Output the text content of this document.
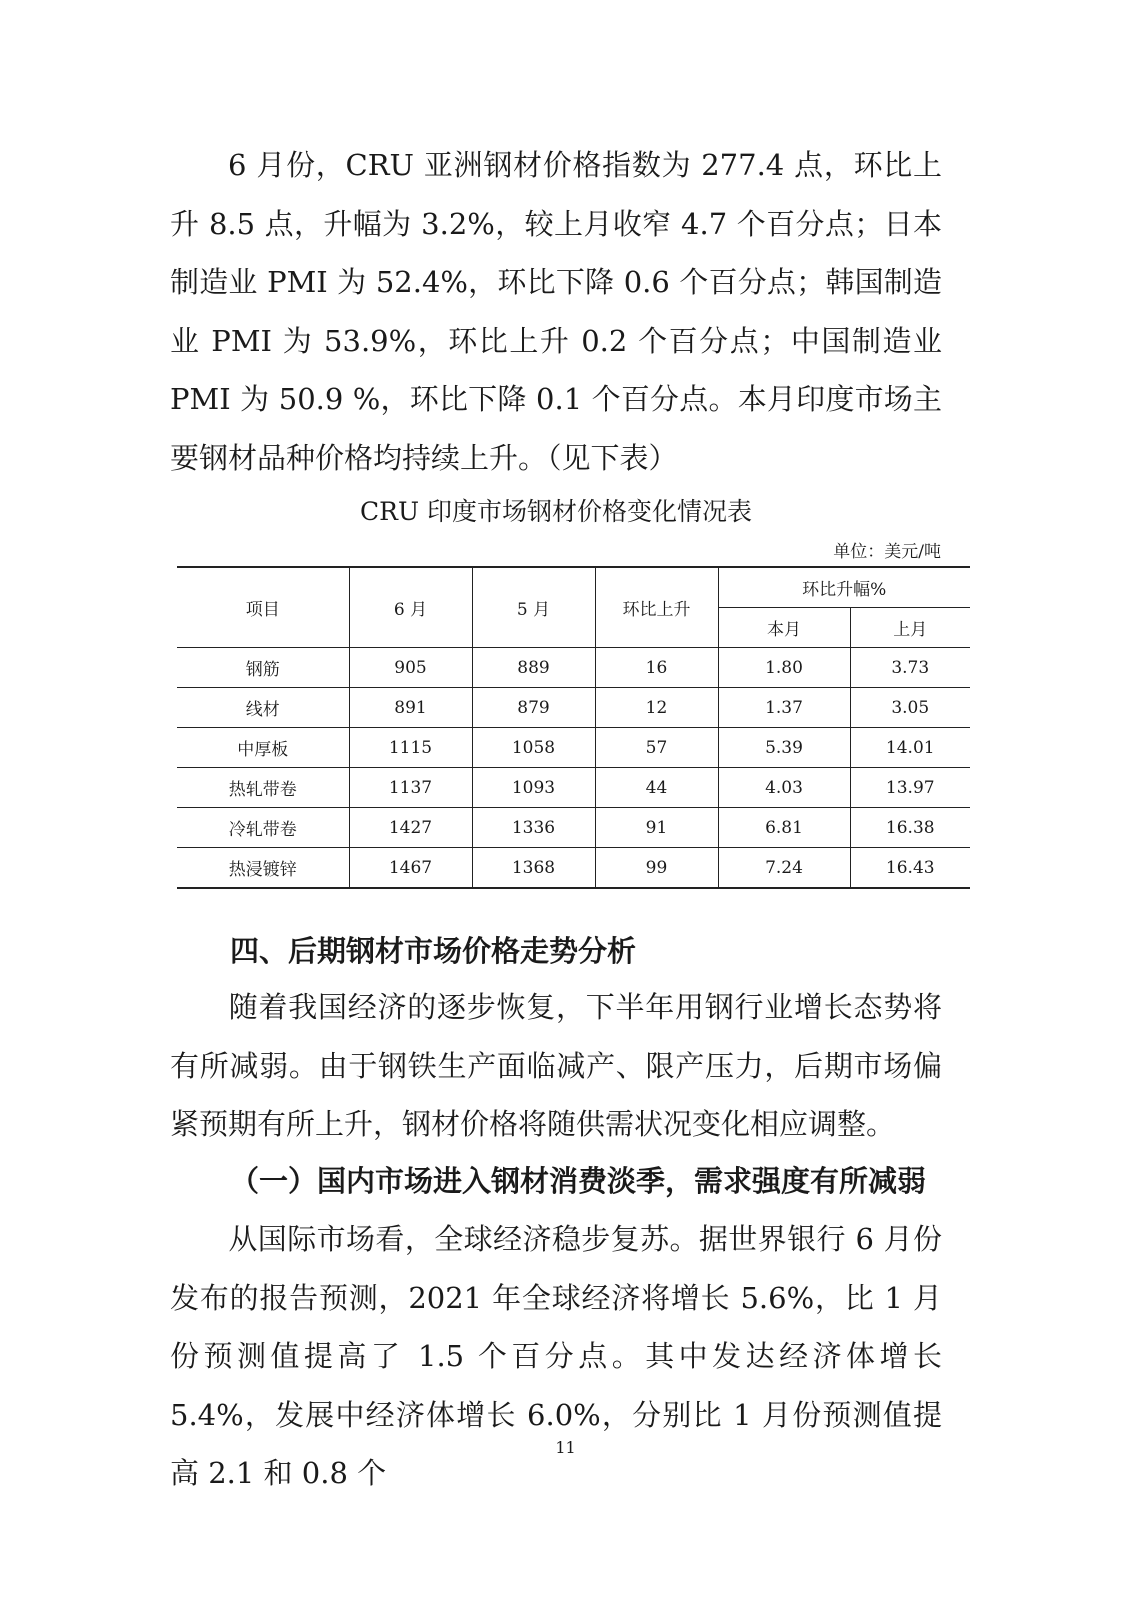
6 月份，CRU 亚洲钢材价格指数为 277.4 点，环比上升 8.5 点，升幅为 3.2%，较上月收窄 4.7 个百分点；日本制造业 PMI 为 52.4%，环比下降 0.6 个百分点；韩国制造业 PMI 为 53.9%，环比上升 0.2 个百分点；中国制造业 PMI 为 50.9 %，环比下降 0.1 个百分点。本月印度市场主要钢材品种价格均持续上升。（见下表）

CRU 印度市场钢材价格变化情况表
单位：美元/吨
项目	6 月	5 月	环比上升	环比升幅%	
				本月	上月
钢筋	905	889	16	1.80	3.73
线材	891	879	12	1.37	3.05
中厚板	1115	1058	57	5.39	14.01
热轧带卷	1137	1093	44	4.03	13.97
冷轧带卷	1427	1336	91	6.81	16.38
热浸镀锌	1467	1368	99	7.24	16.43
四、后期钢材市场价格走势分析

随着我国经济的逐步恢复，下半年用钢行业增长态势将有所减弱。由于钢铁生产面临减产、限产压力，后期市场偏紧预期有所上升，钢材价格将随供需状况变化相应调整。

（一）国内市场进入钢材消费淡季，需求强度有所减弱

从国际市场看，全球经济稳步复苏。据世界银行 6 月份发布的报告预测，2021 年全球经济将增长 5.6%，比 1 月份预测值提高了 1.5 个百分点。其中发达经济体增长 5.4%，发展中经济体增长 6.0%，分别比 1 月份预测值提高 2.1 和 0.8 个

11
